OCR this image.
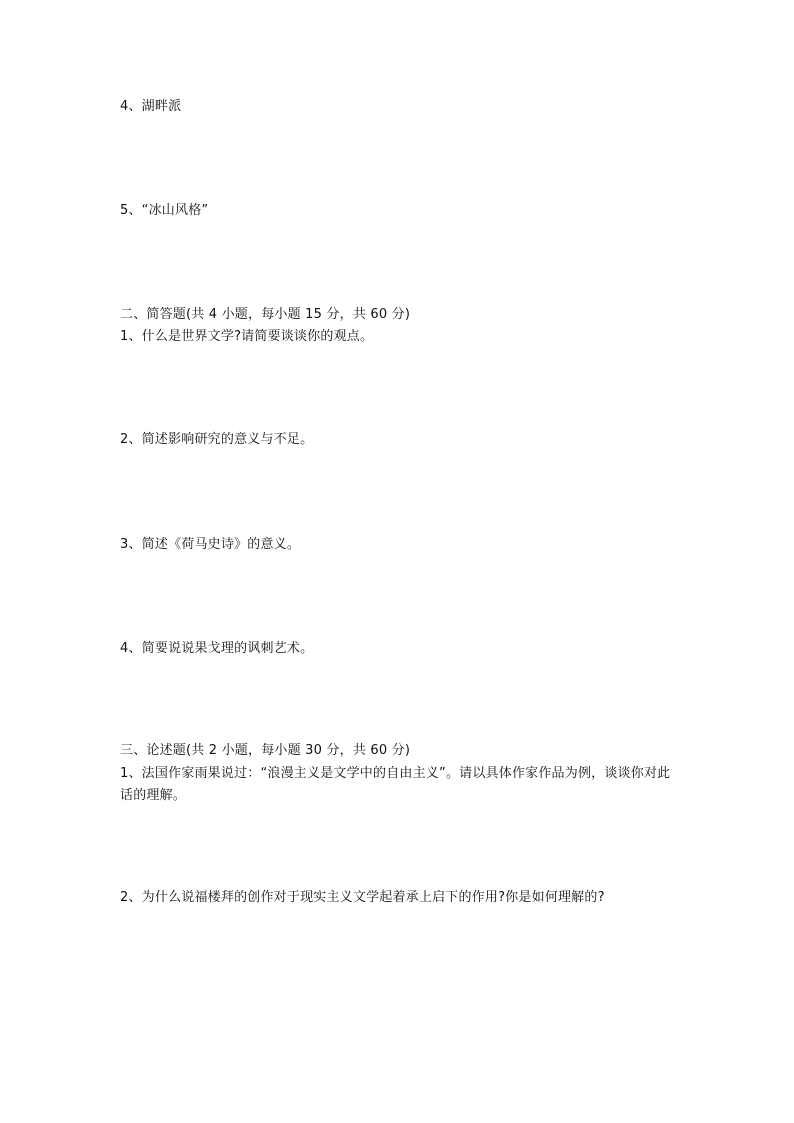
4、湖畔派
5、“冰山风格”
二、简答题(共 4 小题，每小题 15 分，共 60 分)
1、什么是世界文学?请简要谈谈你的观点。
2、简述影响研究的意义与不足。
3、简述《荷马史诗》的意义。
4、简要说说果戈理的讽刺艺术。
三、论述题(共 2 小题，每小题 30 分，共 60 分)
1、法国作家雨果说过：“浪漫主义是文学中的自由主义”。请以具体作家作品为例，谈谈你对此话的理解。
2、为什么说福楼拜的创作对于现实主义文学起着承上启下的作用?你是如何理解的?
